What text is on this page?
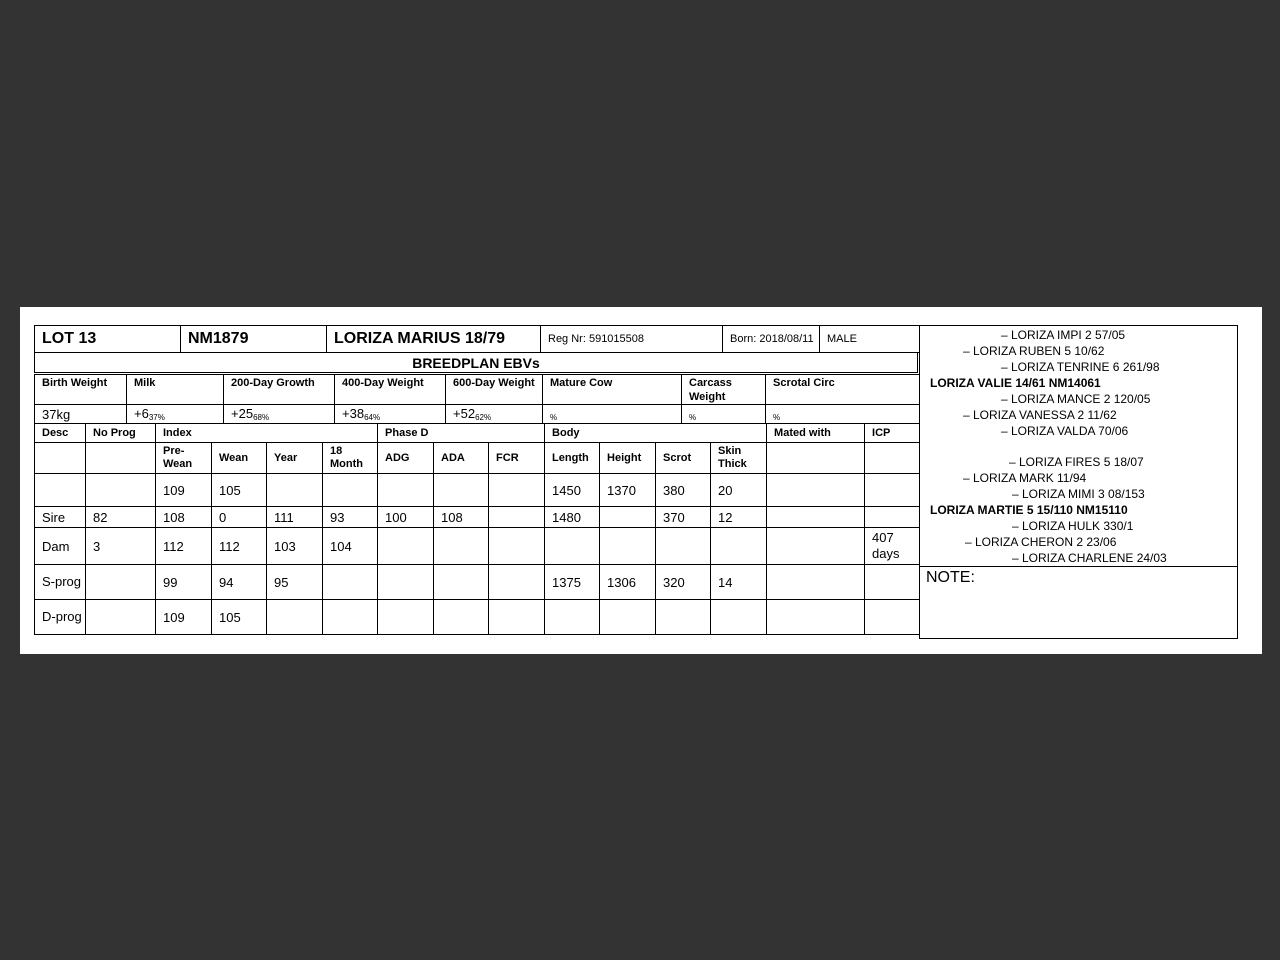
LOT 13	NM1879	LORIZA MARIUS 18/79	Reg Nr: 591015508	Born: 2018/08/11	MALE
BREEDPLAN EBVs
Birth Weight	Milk	200-Day Growth	400-Day Weight	600-Day Weight	Mature Cow	Carcass Weight	Scrotal Circ
37kg	$+6_{37\%}$	$+25_{68\%}$	$+38_{64\%}$	$+52_{62\%}$	$_{\%}$	$_{\%}$	$_{\%}$
Desc	No Prog	Index				Phase D			Body				Mated with	ICP
		Pre-Wean	Wean	Year	18 Month	ADG	ADA	FCR	Length	Height	Scrot	Skin Thick		
		109	105						1450	1370	380	20		
Sire	82	108	0	111	93	100	108		1480		370	12		
Dam	3	112	112	103	104									407 days
S-prog		99	94	95					1375	1306	320	14		
D-prog		109	105											
– LORIZA IMPI 2 57/05
– LORIZA RUBEN 5 10/62
– LORIZA TENRINE 6 261/98
LORIZA VALIE 14/61 NM14061
– LORIZA MANCE 2 120/05
– LORIZA VANESSA 2 11/62
– LORIZA VALDA 70/06
– LORIZA FIRES 5 18/07
– LORIZA MARK 11/94
– LORIZA MIMI 3 08/153
LORIZA MARTIE 5 15/110 NM15110
– LORIZA HULK 330/1
– LORIZA CHERON 2 23/06
– LORIZA CHARLENE 24/03
NOTE:
